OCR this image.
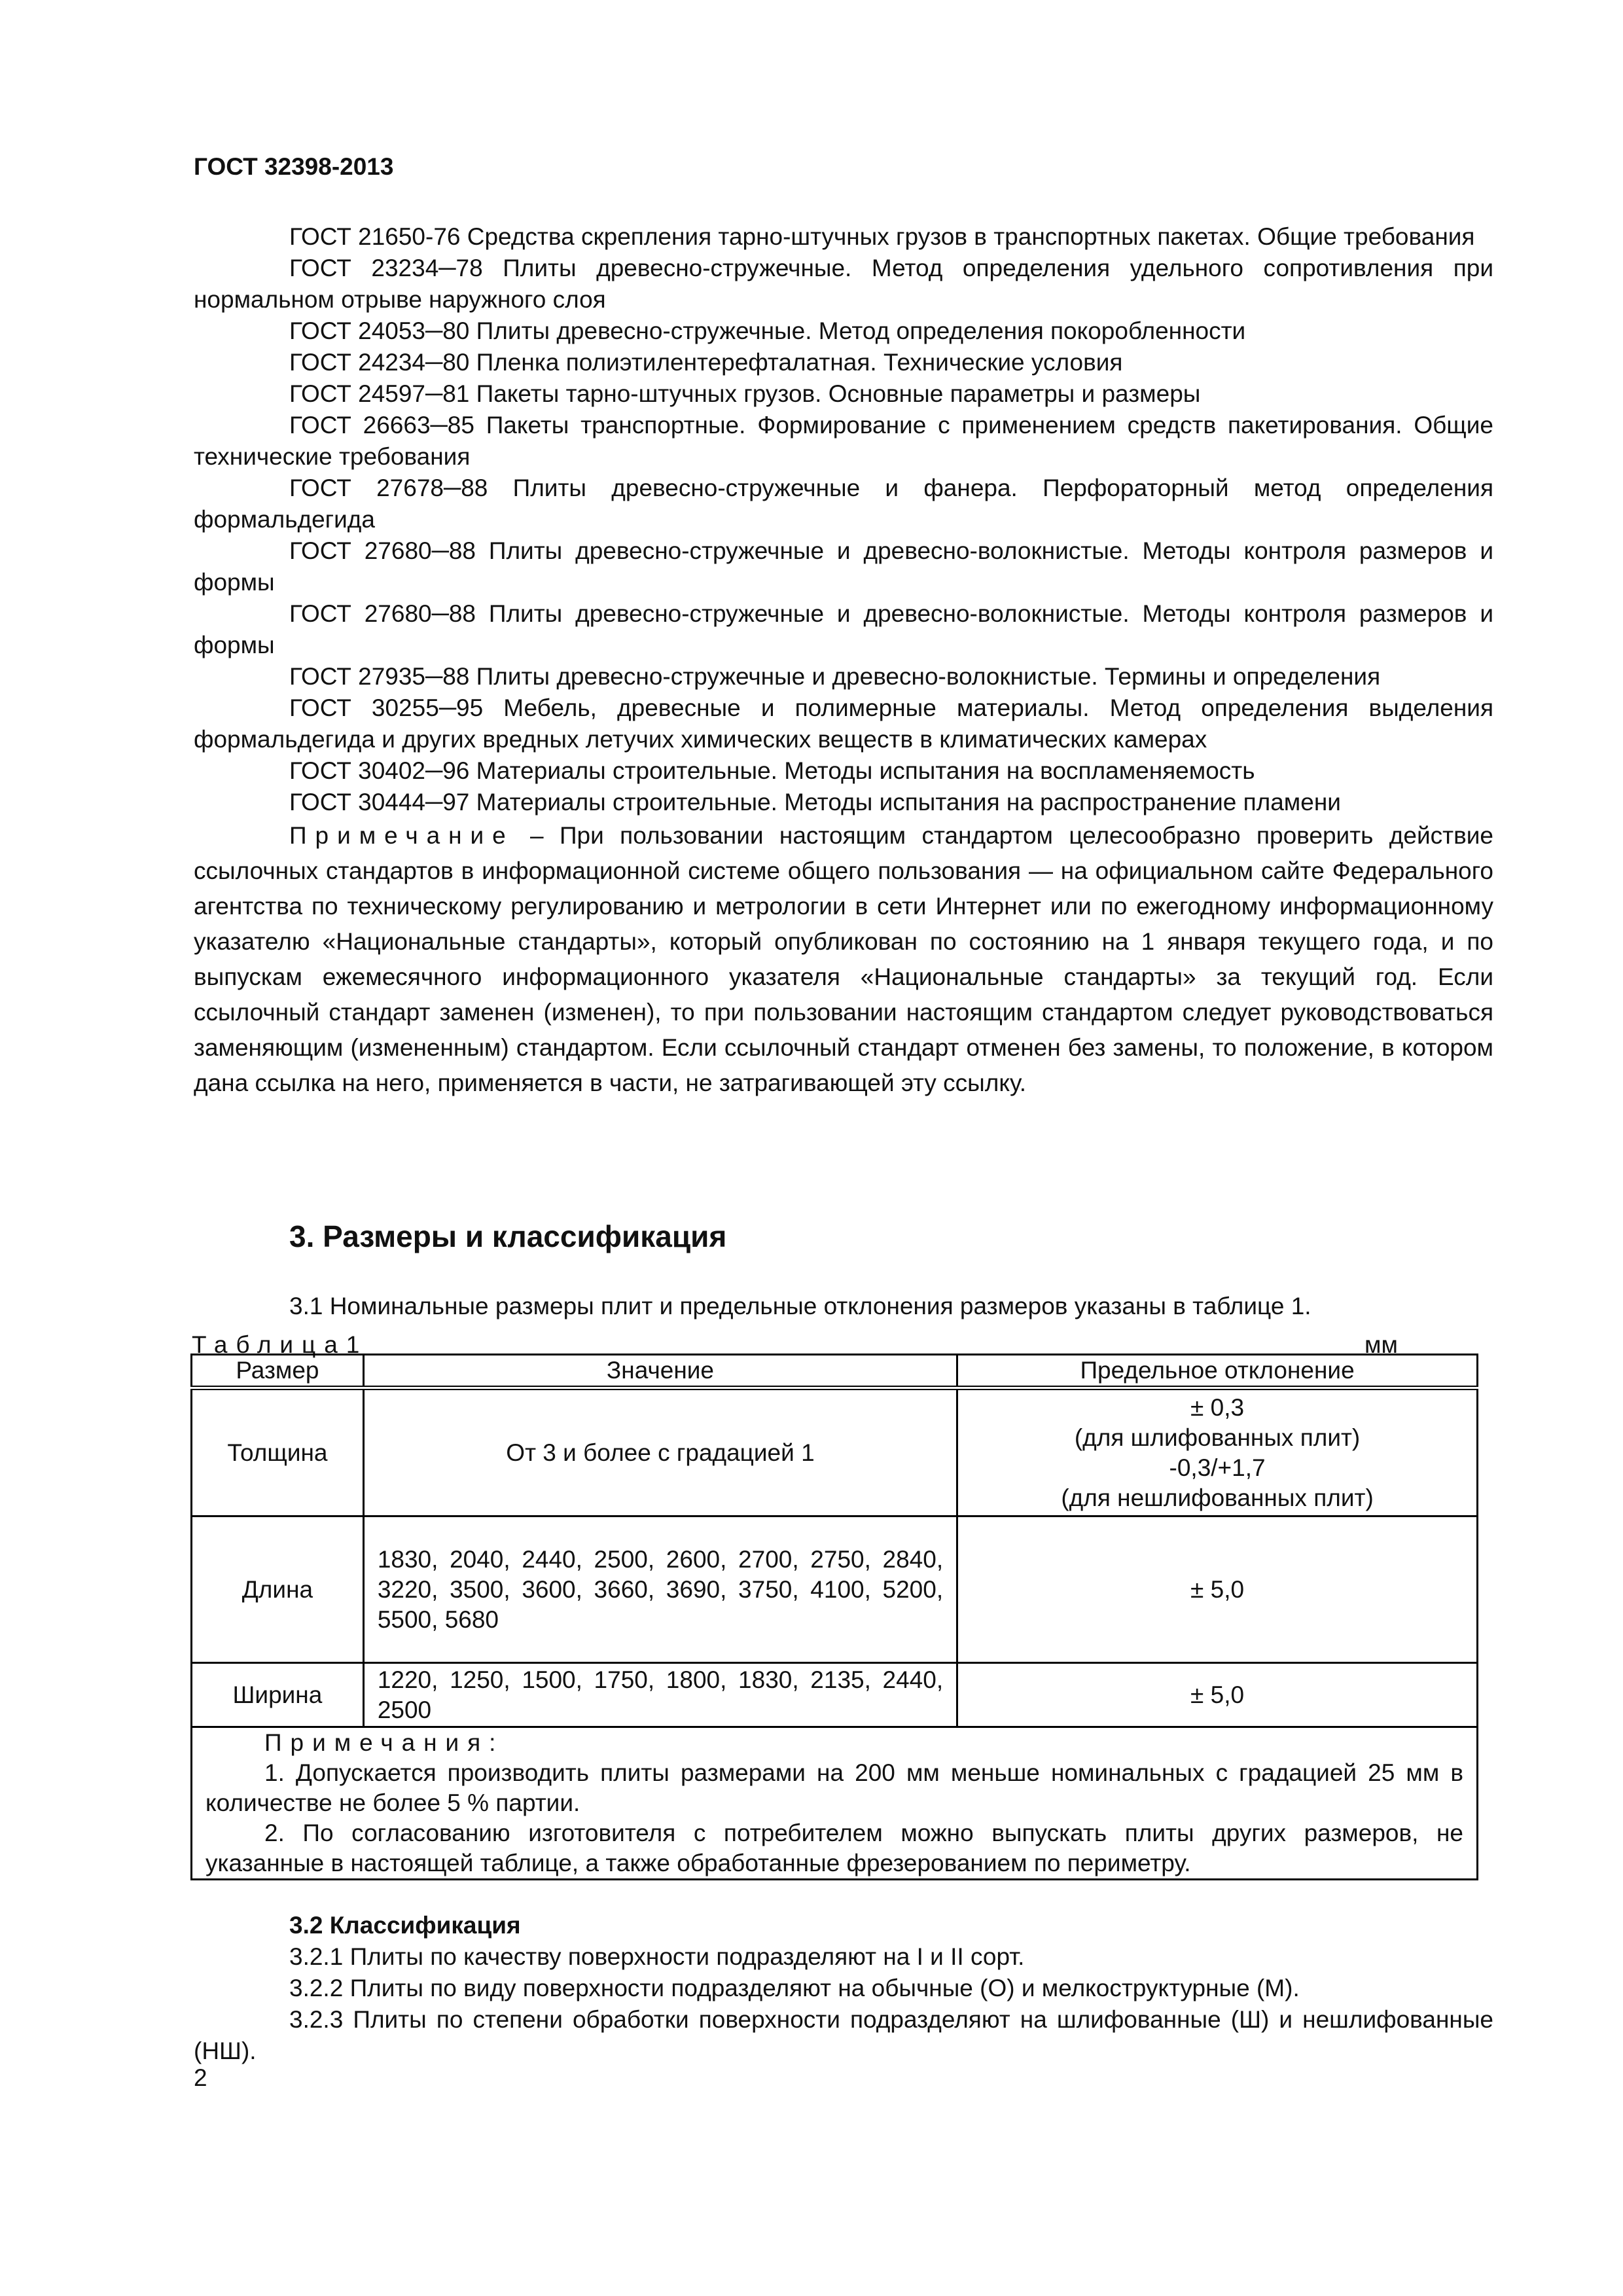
ГОСТ 32398-2013

ГОСТ 21650-76 Средства скрепления тарно-штучных грузов в транспортных пакетах. Общие требования

ГОСТ 23234─78 Плиты древесно-стружечные. Метод определения удельного сопротивления при нормальном отрыве наружного слоя

ГОСТ 24053─80 Плиты древесно-стружечные. Метод определения покоробленности

ГОСТ 24234─80 Пленка полиэтилентерефталатная. Технические условия

ГОСТ 24597─81 Пакеты тарно-штучных грузов. Основные параметры и размеры

ГОСТ 26663─85 Пакеты транспортные. Формирование с применением средств пакетирования. Общие технические требования

ГОСТ 27678─88 Плиты древесно-стружечные и фанера. Перфораторный метод определения формальдегида

ГОСТ 27680─88 Плиты древесно-стружечные и древесно-волокнистые. Методы контроля размеров и формы

ГОСТ 27680─88 Плиты древесно-стружечные и древесно-волокнистые. Методы контроля размеров и формы

ГОСТ 27935─88 Плиты древесно-стружечные и древесно-волокнистые. Термины и определения

ГОСТ 30255─95 Мебель, древесные и полимерные материалы. Метод определения выделения формальдегида и других вредных летучих химических веществ в климатических камерах

ГОСТ 30402─96 Материалы строительные. Методы испытания на воспламеняемость

ГОСТ 30444─97 Материалы строительные. Методы испытания на распространение пламени

Примечание – При пользовании настоящим стандартом целесообразно проверить действие ссылочных стандартов в информационной системе общего пользования — на официальном сайте Федерального агентства по техническому регулированию и метрологии в сети Интернет или по ежегодному информационному указателю «Национальные стандарты», который опубликован по состоянию на 1 января текущего года, и по выпускам ежемесячного информационного указателя «Национальные стандарты» за текущий год. Если ссылочный стандарт заменен (изменен), то при пользовании настоящим стандартом следует руководствоваться заменяющим (измененным) стандартом. Если ссылочный стандарт отменен без замены, то положение, в котором дана ссылка на него, применяется в части, не затрагивающей эту ссылку.

3. Размеры и классификация

3.1 Номинальные размеры плит и предельные отклонения размеров указаны в таблице 1.

Таблица1	мм
Размер	Значение	Предельное отклонение
Толщина	От 3 и более с градацией 1	± 0,3
(для шлифованных плит)
-0,3/+1,7
(для нешлифованных плит)

Длина	1830, 2040, 2440, 2500, 2600, 2700, 2750, 2840, 3220, 3500, 3600, 3660, 3690, 3750, 4100, 5200, 5500, 5680	± 5,0
Ширина	1220, 1250, 1500, 1750, 1800, 1830, 2135, 2440, 2500	± 5,0

Примечания:

1. Допускается производить плиты размерами на 200 мм меньше номинальных с градацией 25 мм в количестве не более 5 % партии.

2. По согласованию изготовителя с потребителем можно выпускать плиты других размеров, не указанные в настоящей таблице, а также обработанные фрезерованием по периметру.		

3.2 Классификация

3.2.1 Плиты по качеству поверхности подразделяют на I и II сорт.

3.2.2 Плиты по виду поверхности подразделяют на обычные (О) и мелкоструктурные (М).

3.2.3 Плиты по степени обработки поверхности подразделяют на шлифованные (Ш) и нешлифованные (НШ).

2
